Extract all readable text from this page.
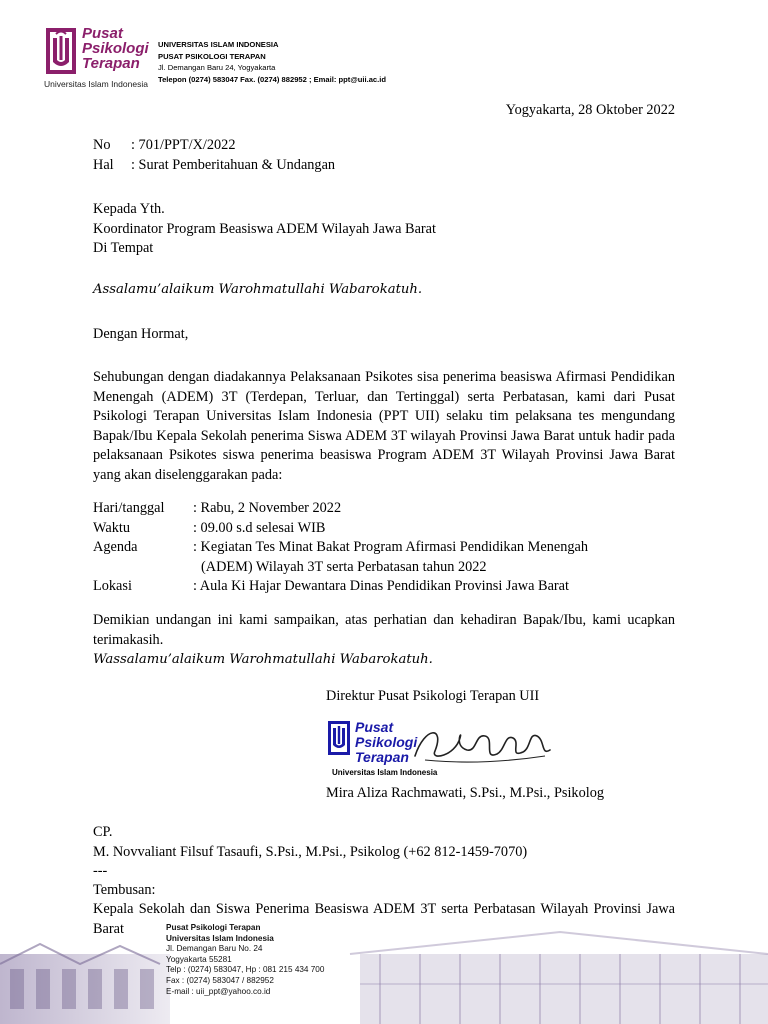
Pusat
Psikologi
Terapan
Universitas Islam Indonesia
UNIVERSITAS ISLAM INDONESIA
PUSAT PSIKOLOGI TERAPAN
Jl. Demangan Baru 24, Yogyakarta
Telepon (0274) 583047 Fax. (0274) 882952 ; Email: ppt@uii.ac.id
Yogyakarta, 28 Oktober 2022
No : 701/PPT/X/2022
Hal : Surat Pemberitahuan & Undangan
Kepada Yth.
Koordinator Program Beasiswa ADEM Wilayah Jawa Barat
Di Tempat
Assalamu’alaikum Warohmatullahi Wabarokatuh.
Dengan Hormat,
Sehubungan dengan diadakannya Pelaksanaan Psikotes sisa penerima beasiswa Afirmasi Pendidikan Menengah (ADEM) 3T (Terdepan, Terluar, dan Tertinggal) serta Perbatasan, kami dari Pusat Psikologi Terapan Universitas Islam Indonesia (PPT UII) selaku tim pelaksana tes mengundang Bapak/Ibu Kepala Sekolah penerima Siswa ADEM 3T wilayah Provinsi Jawa Barat untuk hadir pada pelaksanaan Psikotes siswa penerima beasiswa Program ADEM 3T Wilayah Provinsi Jawa Barat yang akan diselenggarakan pada:
Hari/tanggal : Rabu, 2 November 2022
Waktu	: 09.00 s.d selesai WIB
Agenda	: Kegiatan Tes Minat Bakat Program Afirmasi Pendidikan Menengah
(ADEM) Wilayah 3T serta Perbatasan tahun 2022
Lokasi	: Aula Ki Hajar Dewantara Dinas Pendidikan Provinsi Jawa Barat
Demikian undangan ini kami sampaikan, atas perhatian dan kehadiran Bapak/Ibu, kami ucapkan terimakasih.
Wassalamu’alaikum Warohmatullahi Wabarokatuh.
Direktur Pusat Psikologi Terapan UII
Pusat
Psikologi
Terapan
Universitas Islam Indonesia
Mira Aliza Rachmawati, S.Psi., M.Psi., Psikolog
CP.
M. Novvaliant Filsuf Tasaufi, S.Psi., M.Psi., Psikolog (+62 812-1459-7070)
---
Tembusan:
Kepala Sekolah dan Siswa Penerima Beasiswa ADEM 3T serta Perbatasan Wilayah Provinsi Jawa Barat	Pusat Psikologi Terapan
Universitas Islam Indonesia
Jl. Demangan Baru No. 24
Yogyakarta 55281
Telp : (0274) 583047, Hp : 081 215 434 700
Fax : (0274) 583047 / 882952
E-mail : uii_ppt@yahoo.co.id
